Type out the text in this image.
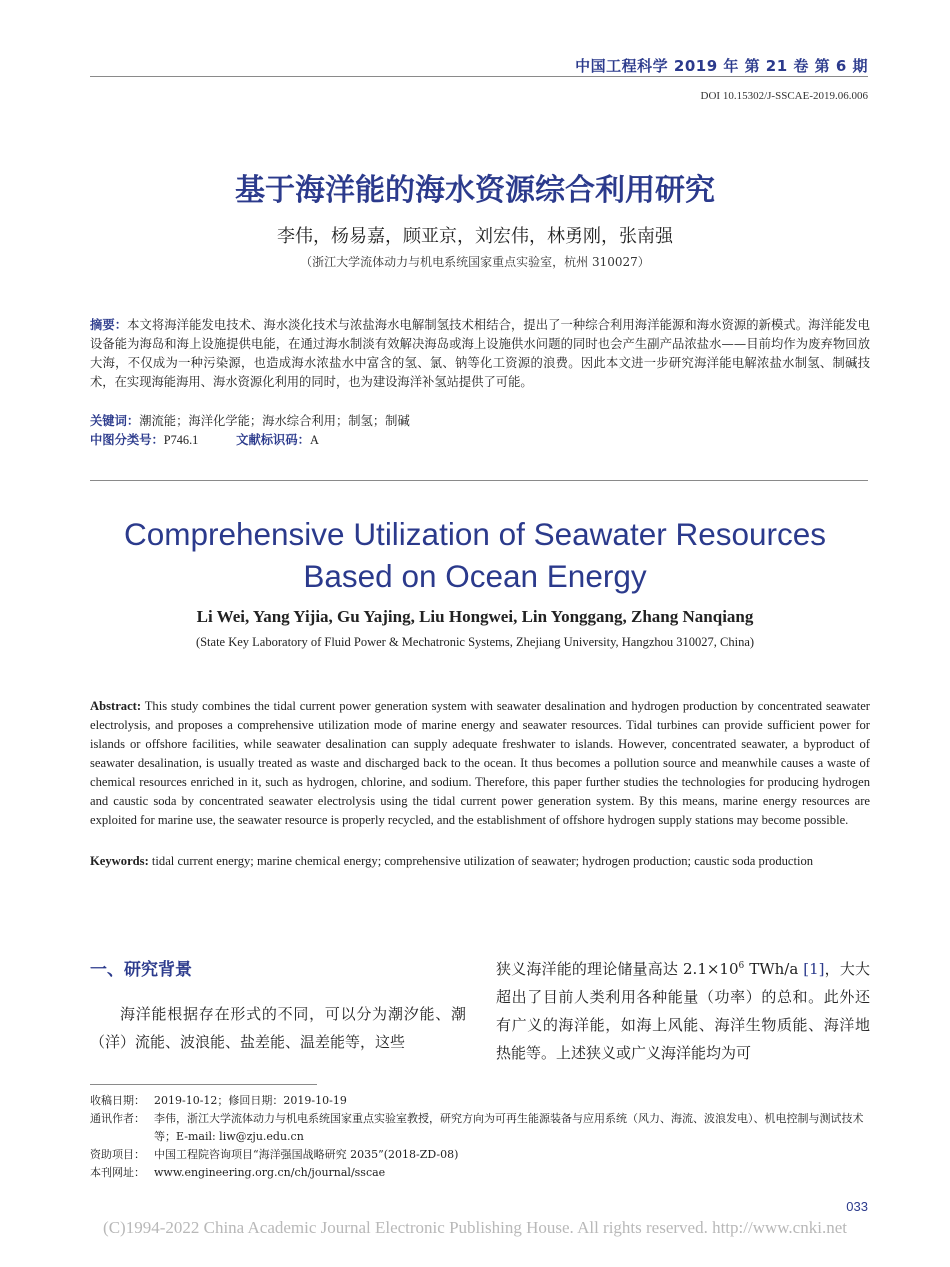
中国工程科学 2019 年 第 21 卷 第 6 期
DOI 10.15302/J-SSCAE-2019.06.006
基于海洋能的海水资源综合利用研究
李伟，杨易嘉，顾亚京，刘宏伟，林勇刚，张南强
（浙江大学流体动力与机电系统国家重点实验室，杭州 310027）
摘要：本文将海洋能发电技术、海水淡化技术与浓盐海水电解制氢技术相结合，提出了一种综合利用海洋能源和海水资源的新模式。海洋能发电设备能为海岛和海上设施提供电能，在通过海水制淡有效解决海岛或海上设施供水问题的同时也会产生副产品浓盐水——目前均作为废弃物回放大海，不仅成为一种污染源，也造成海水浓盐水中富含的氢、氯、钠等化工资源的浪费。因此本文进一步研究海洋能电解浓盐水制氢、制碱技术，在实现海能海用、海水资源化利用的同时，也为建设海洋补氢站提供了可能。
关键词：潮流能；海洋化学能；海水综合利用；制氢；制碱
中图分类号：P746.1	文献标识码：A
Comprehensive Utilization of Seawater Resources
Based on Ocean Energy
Li Wei, Yang Yijia, Gu Yajing, Liu Hongwei, Lin Yonggang, Zhang Nanqiang
(State Key Laboratory of Fluid Power & Mechatronic Systems, Zhejiang University, Hangzhou 310027, China)
Abstract: This study combines the tidal current power generation system with seawater desalination and hydrogen production by concentrated seawater electrolysis, and proposes a comprehensive utilization mode of marine energy and seawater resources. Tidal turbines can provide sufficient power for islands or offshore facilities, while seawater desalination can supply adequate freshwater to islands. However, concentrated seawater, a byproduct of seawater desalination, is usually treated as waste and discharged back to the ocean. It thus becomes a pollution source and meanwhile causes a waste of chemical resources enriched in it, such as hydrogen, chlorine, and sodium. Therefore, this paper further studies the technologies for producing hydrogen and caustic soda by concentrated seawater electrolysis using the tidal current power generation system. By this means, marine energy resources are exploited for marine use, the seawater resource is properly recycled, and the establishment of offshore hydrogen supply stations may become possible.
Keywords: tidal current energy; marine chemical energy; comprehensive utilization of seawater; hydrogen production; caustic soda production
一、研究背景
海洋能根据存在形式的不同，可以分为潮汐能、潮（洋）流能、波浪能、盐差能、温差能等，这些
狭义海洋能的理论储量高达 $2.1\times 10^6$ TWh/a [1]，大大超出了目前人类利用各种能量（功率）的总和。此外还有广义的海洋能，如海上风能、海洋生物质能、海洋地热能等。上述狭义或广义海洋能均为可
收稿日期： 2019-10-12；修回日期：2019-10-19
通讯作者： 李伟，浙江大学流体动力与机电系统国家重点实验室教授，研究方向为可再生能源装备与应用系统（风力、海流、波浪发电）、机电控制与测试技术等；E-mail: liw@zju.edu.cn
资助项目： 中国工程院咨询项目“海洋强国战略研究 2035”(2018-ZD-08)
本刊网址： www.engineering.org.cn/ch/journal/sscae
033
(C)1994-2022 China Academic Journal Electronic Publishing House. All rights reserved. http://www.cnki.net
